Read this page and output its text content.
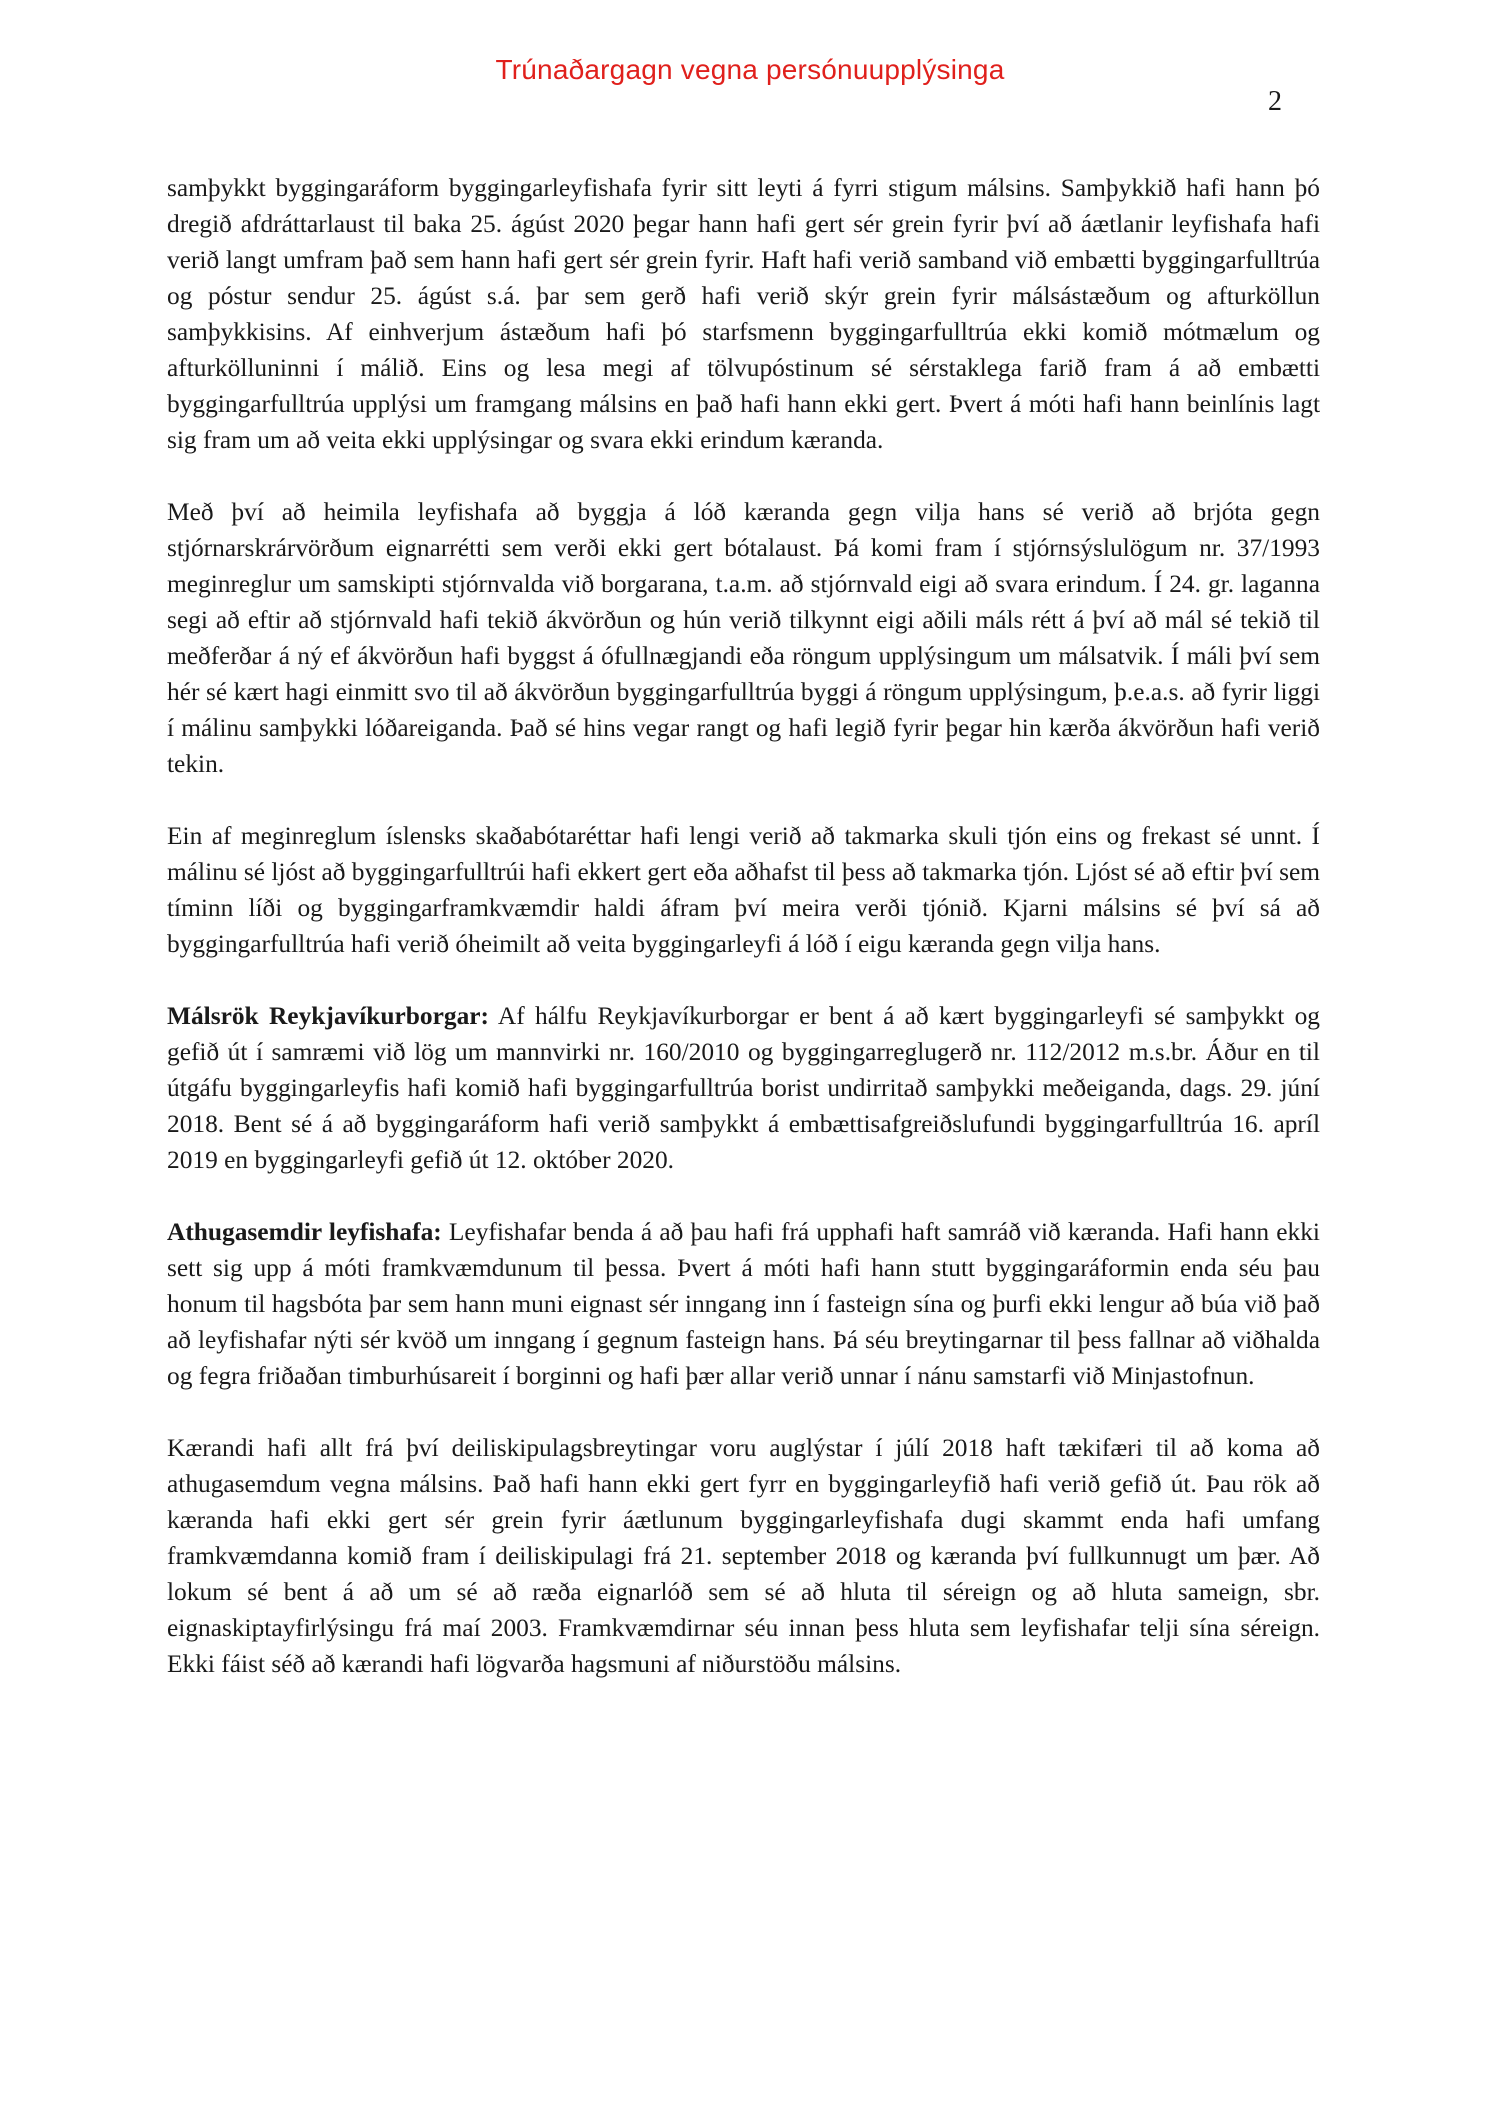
Trúnaðargagn vegna persónuupplýsinga
2

samþykkt byggingaráform byggingarleyfishafa fyrir sitt leyti á fyrri stigum málsins. Samþykkið hafi hann þó dregið afdráttarlaust til baka 25. ágúst 2020 þegar hann hafi gert sér grein fyrir því að áætlanir leyfishafa hafi verið langt umfram það sem hann hafi gert sér grein fyrir. Haft hafi verið samband við embætti byggingarfulltrúa og póstur sendur 25. ágúst s.á. þar sem gerð hafi verið skýr grein fyrir málsástæðum og afturköllun samþykkisins. Af einhverjum ástæðum hafi þó starfsmenn byggingarfulltrúa ekki komið mótmælum og afturkölluninni í málið. Eins og lesa megi af tölvupóstinum sé sérstaklega farið fram á að embætti byggingarfulltrúa upplýsi um framgang málsins en það hafi hann ekki gert. Þvert á móti hafi hann beinlínis lagt sig fram um að veita ekki upplýsingar og svara ekki erindum kæranda.

Með því að heimila leyfishafa að byggja á lóð kæranda gegn vilja hans sé verið að brjóta gegn stjórnarskrárvörðum eignarrétti sem verði ekki gert bótalaust. Þá komi fram í stjórnsýslulögum nr. 37/1993 meginreglur um samskipti stjórnvalda við borgarana, t.a.m. að stjórnvald eigi að svara erindum. Í 24. gr. laganna segi að eftir að stjórnvald hafi tekið ákvörðun og hún verið tilkynnt eigi aðili máls rétt á því að mál sé tekið til meðferðar á ný ef ákvörðun hafi byggst á ófullnægjandi eða röngum upplýsingum um málsatvik. Í máli því sem hér sé kært hagi einmitt svo til að ákvörðun byggingarfulltrúa byggi á röngum upplýsingum, þ.e.a.s. að fyrir liggi í málinu samþykki lóðareiganda. Það sé hins vegar rangt og hafi legið fyrir þegar hin kærða ákvörðun hafi verið tekin.

Ein af meginreglum íslensks skaðabótaréttar hafi lengi verið að takmarka skuli tjón eins og frekast sé unnt. Í málinu sé ljóst að byggingarfulltrúi hafi ekkert gert eða aðhafst til þess að takmarka tjón. Ljóst sé að eftir því sem tíminn líði og byggingarframkvæmdir haldi áfram því meira verði tjónið. Kjarni málsins sé því sá að byggingarfulltrúa hafi verið óheimilt að veita byggingarleyfi á lóð í eigu kæranda gegn vilja hans.

Málsrök Reykjavíkurborgar: Af hálfu Reykjavíkurborgar er bent á að kært byggingarleyfi sé samþykkt og gefið út í samræmi við lög um mannvirki nr. 160/2010 og byggingarreglugerð nr. 112/2012 m.s.br. Áður en til útgáfu byggingarleyfis hafi komið hafi byggingarfulltrúa borist undirritað samþykki meðeiganda, dags. 29. júní 2018. Bent sé á að byggingaráform hafi verið samþykkt á embættisafgreiðslufundi byggingarfulltrúa 16. apríl 2019 en byggingarleyfi gefið út 12. október 2020.

Athugasemdir leyfishafa: Leyfishafar benda á að þau hafi frá upphafi haft samráð við kæranda. Hafi hann ekki sett sig upp á móti framkvæmdunum til þessa. Þvert á móti hafi hann stutt byggingaráformin enda séu þau honum til hagsbóta þar sem hann muni eignast sér inngang inn í fasteign sína og þurfi ekki lengur að búa við það að leyfishafar nýti sér kvöð um inngang í gegnum fasteign hans. Þá séu breytingarnar til þess fallnar að viðhalda og fegra friðaðan timburhúsareit í borginni og hafi þær allar verið unnar í nánu samstarfi við Minjastofnun.

Kærandi hafi allt frá því deiliskipulagsbreytingar voru auglýstar í júlí 2018 haft tækifæri til að koma að athugasemdum vegna málsins. Það hafi hann ekki gert fyrr en byggingarleyfið hafi verið gefið út. Þau rök að kæranda hafi ekki gert sér grein fyrir áætlunum byggingarleyfishafa dugi skammt enda hafi umfang framkvæmdanna komið fram í deiliskipulagi frá 21. september 2018 og kæranda því fullkunnugt um þær. Að lokum sé bent á að um sé að ræða eignarlóð sem sé að hluta til séreign og að hluta sameign, sbr. eignaskiptayfirlýsingu frá maí 2003. Framkvæmdirnar séu innan þess hluta sem leyfishafar telji sína séreign. Ekki fáist séð að kærandi hafi lögvarða hagsmuni af niðurstöðu málsins.
